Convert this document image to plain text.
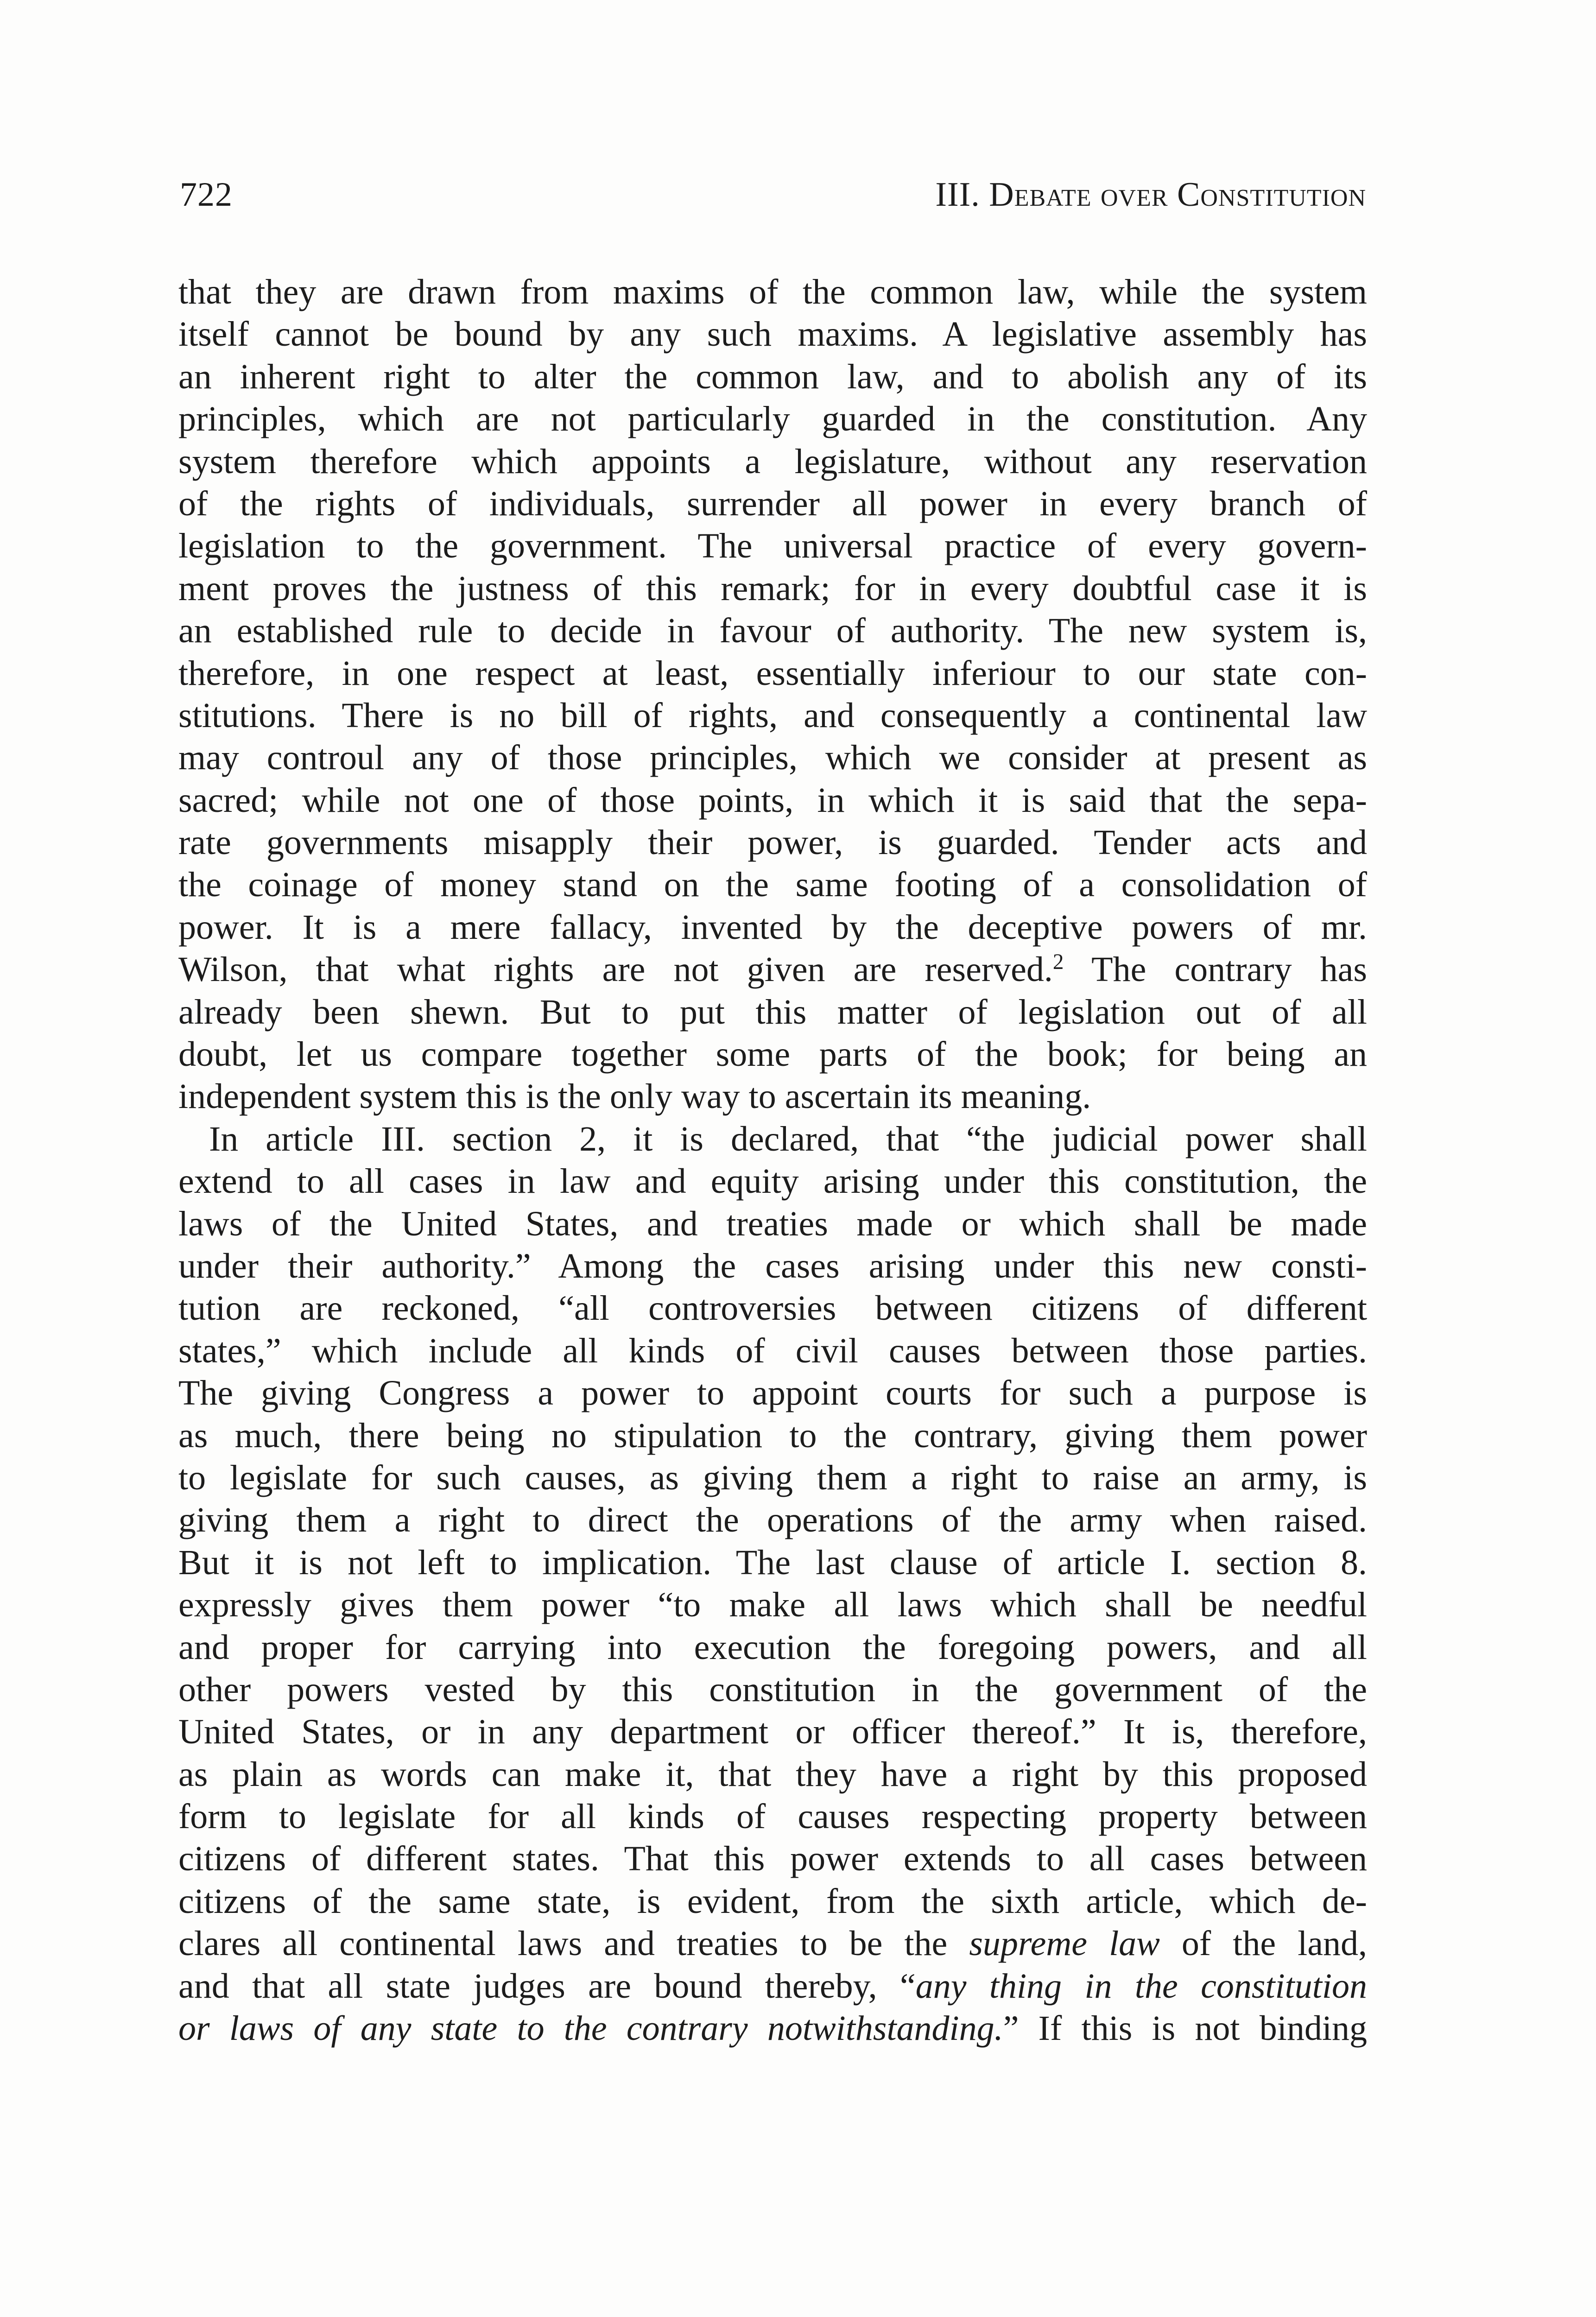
722	III. Debate over Constitution
that they are drawn from maxims of the common law, while the system
itself cannot be bound by any such maxims. A legislative assembly has
an inherent right to alter the common law, and to abolish any of its
principles, which are not particularly guarded in the constitution. Any
system therefore which appoints a legislature, without any reservation
of the rights of individuals, surrender all power in every branch of
legislation to the government. The universal practice of every govern-
ment proves the justness of this remark; for in every doubtful case it is
an established rule to decide in favour of authority. The new system is,
therefore, in one respect at least, essentially inferiour to our state con-
stitutions. There is no bill of rights, and consequently a continental law
may controul any of those principles, which we consider at present as
sacred; while not one of those points, in which it is said that the sepa-
rate governments misapply their power, is guarded. Tender acts and
the coinage of money stand on the same footing of a consolidation of
power. It is a mere fallacy, invented by the deceptive powers of mr.
Wilson, that what rights are not given are reserved.$^2$ The contrary has
already been shewn. But to put this matter of legislation out of all
doubt, let us compare together some parts of the book; for being an
independent system this is the only way to ascertain its meaning.
In article III. section 2, it is declared, that “the judicial power shall
extend to all cases in law and equity arising under this constitution, the
laws of the United States, and treaties made or which shall be made
under their authority.” Among the cases arising under this new consti-
tution are reckoned, “all controversies between citizens of different
states,” which include all kinds of civil causes between those parties.
The giving Congress a power to appoint courts for such a purpose is
as much, there being no stipulation to the contrary, giving them power
to legislate for such causes, as giving them a right to raise an army, is
giving them a right to direct the operations of the army when raised.
But it is not left to implication. The last clause of article I. section 8.
expressly gives them power “to make all laws which shall be needful
and proper for carrying into execution the foregoing powers, and all
other powers vested by this constitution in the government of the
United States, or in any department or officer thereof.” It is, therefore,
as plain as words can make it, that they have a right by this proposed
form to legislate for all kinds of causes respecting property between
citizens of different states. That this power extends to all cases between
citizens of the same state, is evident, from the sixth article, which de-
clares all continental laws and treaties to be the supreme law of the land,
and that all state judges are bound thereby, “any thing in the constitution
or laws of any state to the contrary notwithstanding.” If this is not binding
